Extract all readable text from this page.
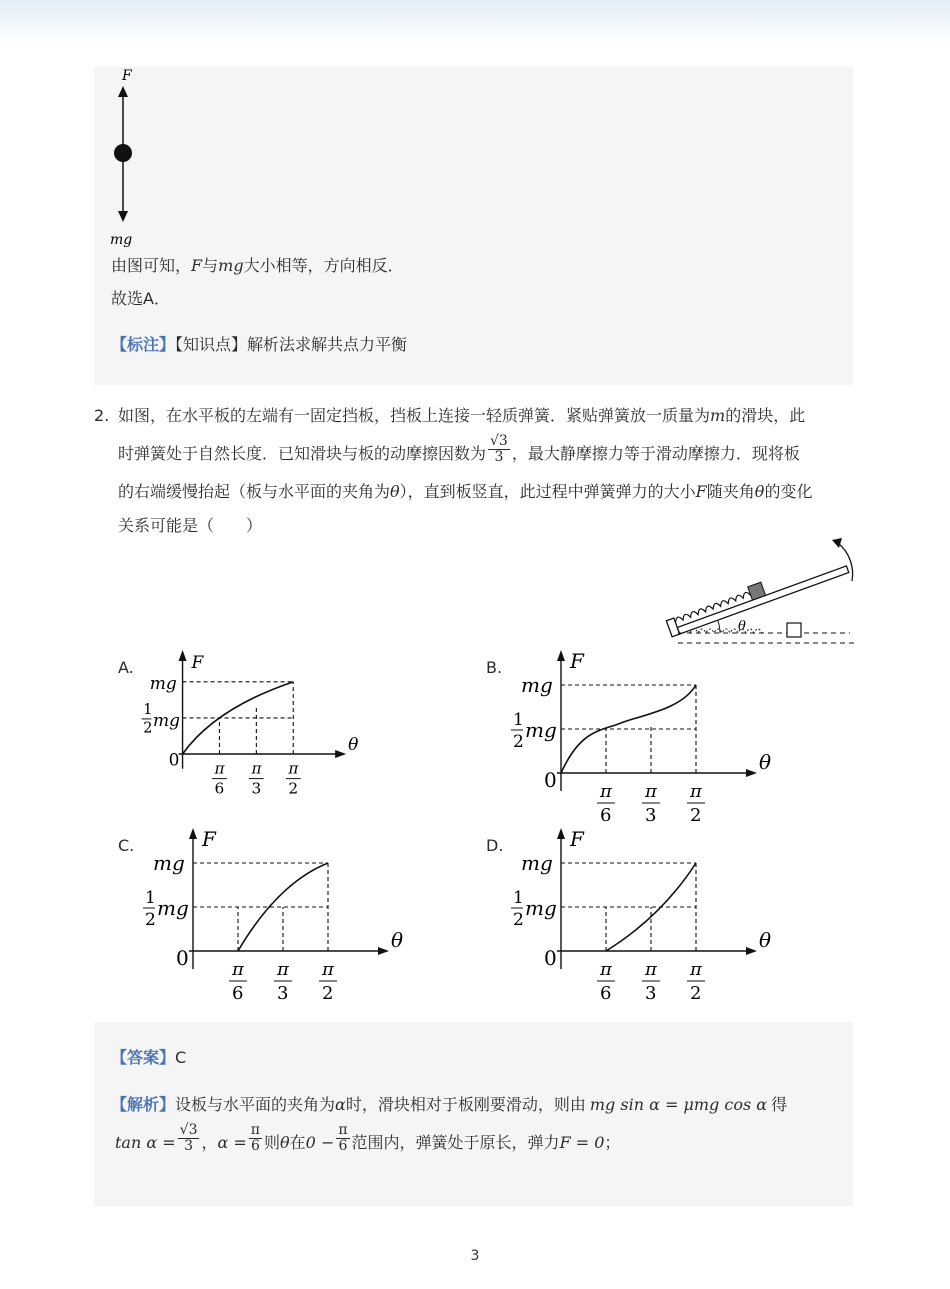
F
mg
由图可知，F与mg大小相等，方向相反．
故选A．
【标注】【知识点】解析法求解共点力平衡
2. 如图，在水平板的左端有一固定挡板，挡板上连接一轻质弹簧．紧贴弹簧放一质量为m的滑块，此
时弹簧处于自然长度．已知滑块与板的动摩擦因数为 $\frac{√3}{3}$ ，最大静摩擦力等于滑动摩擦力．现将板
的右端缓慢抬起（板与水平面的夹角为θ），直到板竖直，此过程中弹簧弹力的大小F随夹角θ的变化
关系可能是（　　）
θ
A.	B.
C.	D.
F
θ
mg
1
2 mg
0 π
6
π
3
π
2
F
θ
mg
1
2 mg
0 π
6
π
3
π
2
F
θ
mg
1
2 mg
0 π
6
π
3
π
2
F
θ
mg
1
2 mg
0 π
6
π
3
π
2
【答案】C
【解析】设板与水平面的夹角为α时，滑块相对于板刚要滑动，则由 mg sin α = μmg cos α 得
$\tan \alpha = \frac{√3}{3}$ ，$\alpha = \frac{\pi}{6}$ 则θ在$0 - \frac{\pi}{6}$ 范围内，弹簧处于原长，弹力F = 0；
3
